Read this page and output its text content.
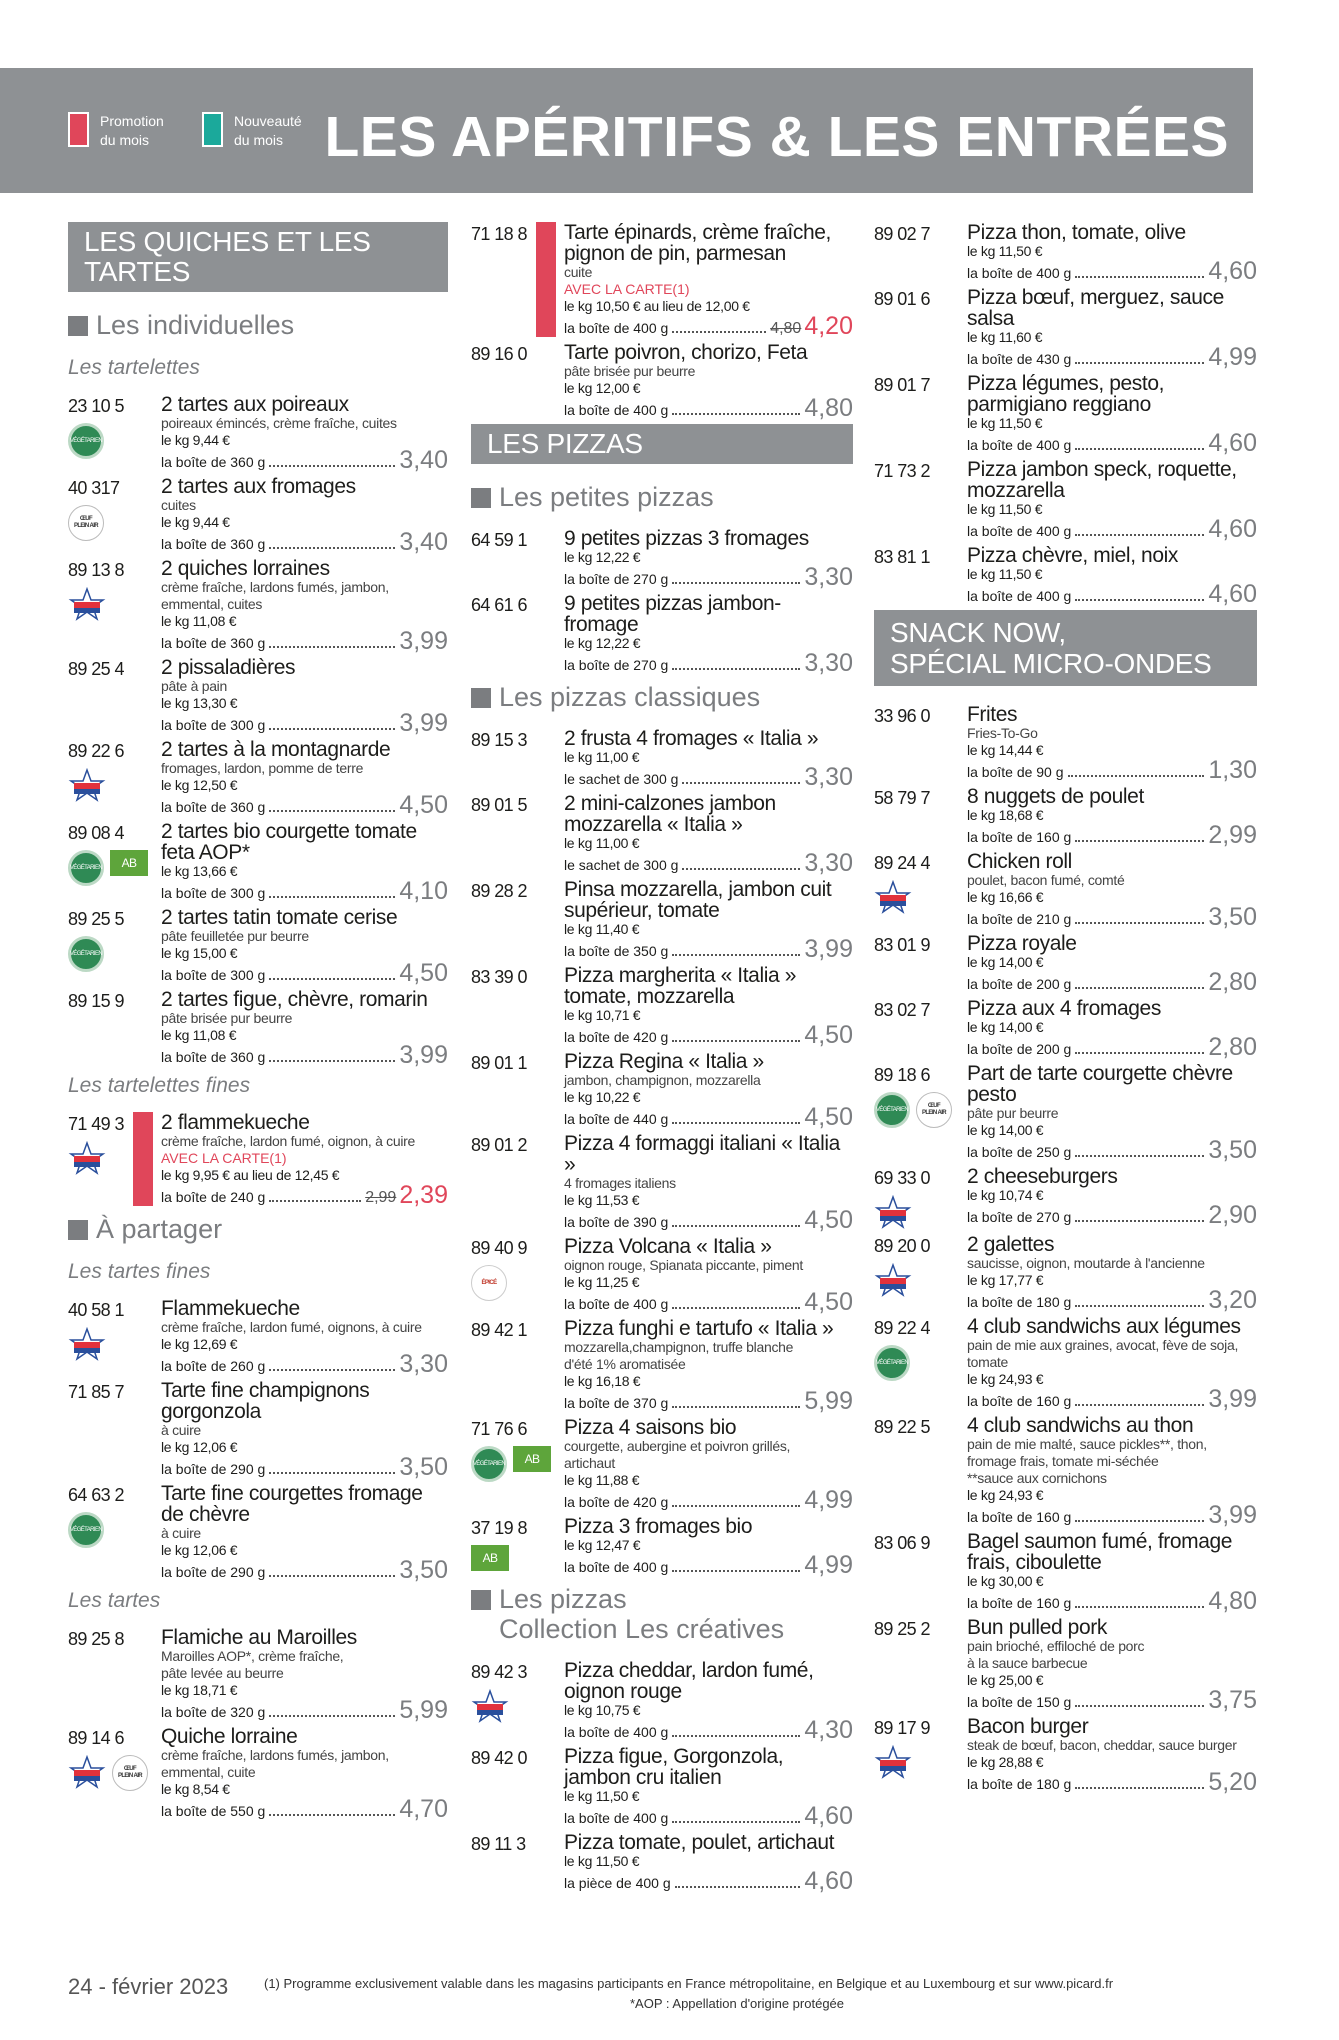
Promotion
du mois
Nouveauté
du mois LES APÉRITIFS & LES ENTRÉES
LES QUICHES ET LES TARTES
Les individuelles
Les tartelettes
23 10 5
VÉGÉTARIEN
2 tartes aux poireaux
poireaux émincés, crème fraîche, cuites
le kg 9,44 €
la boîte de 360 g	3,40
40 317
ŒUF
PLEIN AIR
2 tartes aux fromages
cuites
le kg 9,44 €
la boîte de 360 g	3,40
89 13 8	2 quiches lorraines
crème fraîche, lardons fumés, jambon,
emmental, cuites
le kg 11,08 €
la boîte de 360 g	3,99
89 25 4	2 pissaladières
pâte à pain
le kg 13,30 €
la boîte de 300 g	3,99
89 22 6	2 tartes à la montagnarde
fromages, lardon, pomme de terre
le kg 12,50 €
la boîte de 360 g	4,50
89 08 4
VÉGÉTARIEN	AB
2 tartes bio courgette tomate feta AOP*
le kg 13,66 €
la boîte de 300 g	4,10
89 25 5
VÉGÉTARIEN
2 tartes tatin tomate cerise
pâte feuilletée pur beurre
le kg 15,00 €
la boîte de 300 g	4,50
89 15 9	2 tartes figue, chèvre, romarin
pâte brisée pur beurre
le kg 11,08 €
la boîte de 360 g	3,99
Les tartelettes fines
71 49 3	2 flammekueche
crème fraîche, lardon fumé, oignon, à cuire
AVEC LA CARTE(1)
le kg 9,95 € au lieu de 12,45 €
la boîte de 240 g	2,99 2,39
À partager
Les tartes fines
40 58 1	Flammekueche
crème fraîche, lardon fumé, oignons, à cuire
le kg 12,69 €
la boîte de 260 g	3,30
71 85 7	Tarte fine champignons gorgonzola
à cuire
le kg 12,06 €
la boîte de 290 g	3,50
64 63 2
VÉGÉTARIEN
Tarte fine courgettes fromage de chèvre
à cuire
le kg 12,06 €
la boîte de 290 g	3,50
Les tartes
89 25 8	Flamiche au Maroilles
Maroilles AOP*, crème fraîche,
pâte levée au beurre
le kg 18,71 €
la boîte de 320 g	5,99
89 14 6
ŒUF
PLEIN AIR
Quiche lorraine
crème fraîche, lardons fumés, jambon,
emmental, cuite
le kg 8,54 €
la boîte de 550 g	4,70
71 18 8	Tarte épinards, crème fraîche, pignon de pin, parmesan
cuite
AVEC LA CARTE(1)
le kg 10,50 € au lieu de 12,00 €
la boîte de 400 g	4,80 4,20
89 16 0	Tarte poivron, chorizo, Feta
pâte brisée pur beurre
le kg 12,00 €
la boîte de 400 g	4,80
LES PIZZAS
Les petites pizzas
64 59 1	9 petites pizzas 3 fromages
le kg 12,22 €
la boîte de 270 g	3,30
64 61 6	9 petites pizzas jambon-fromage
le kg 12,22 €
la boîte de 270 g	3,30
Les pizzas classiques
89 15 3	2 frusta 4 fromages « Italia »
le kg 11,00 €
le sachet de 300 g	3,30
89 01 5	2 mini-calzones jambon mozzarella « Italia »
le kg 11,00 €
le sachet de 300 g	3,30
89 28 2	Pinsa mozzarella, jambon cuit supérieur, tomate
le kg 11,40 €
la boîte de 350 g	3,99
83 39 0	Pizza margherita « Italia » tomate, mozzarella
le kg 10,71 €
la boîte de 420 g	4,50
89 01 1	Pizza Regina « Italia »
jambon, champignon, mozzarella
le kg 10,22 €
la boîte de 440 g	4,50
89 01 2	Pizza 4 formaggi italiani « Italia »
4 fromages italiens
le kg 11,53 €
la boîte de 390 g	4,50
89 40 9
ÉPICÉ
Pizza Volcana « Italia »
oignon rouge, Spianata piccante, piment
le kg 11,25 €
la boîte de 400 g	4,50
89 42 1	Pizza funghi e tartufo « Italia »
mozzarella,champignon, truffe blanche
d'été 1% aromatisée
le kg 16,18 €
la boîte de 370 g	5,99
71 76 6
VÉGÉTARIEN	AB
Pizza 4 saisons bio
courgette, aubergine et poivron grillés,
artichaut
le kg 11,88 €
la boîte de 420 g	4,99
37 19 8
AB
Pizza 3 fromages bio
le kg 12,47 €
la boîte de 400 g	4,99
Les pizzas
Collection Les créatives
89 42 3	Pizza cheddar, lardon fumé, oignon rouge
le kg 10,75 €
la boîte de 400 g	4,30
89 42 0	Pizza figue, Gorgonzola, jambon cru italien
le kg 11,50 €
la boîte de 400 g	4,60
89 11 3	Pizza tomate, poulet, artichaut
le kg 11,50 €
la pièce de 400 g	4,60
89 02 7	Pizza thon, tomate, olive
le kg 11,50 €
la boîte de 400 g	4,60
89 01 6	Pizza bœuf, merguez, sauce salsa
le kg 11,60 €
la boîte de 430 g	4,99
89 01 7	Pizza légumes, pesto, parmigiano reggiano
le kg 11,50 €
la boîte de 400 g	4,60
71 73 2	Pizza jambon speck, roquette, mozzarella
le kg 11,50 €
la boîte de 400 g	4,60
83 81 1	Pizza chèvre, miel, noix
le kg 11,50 €
la boîte de 400 g	4,60
SNACK NOW,
SPÉCIAL MICRO-ONDES
33 96 0	Frites
Fries-To-Go
le kg 14,44 €
la boîte de 90 g	1,30
58 79 7	8 nuggets de poulet
le kg 18,68 €
la boîte de 160 g	2,99
89 24 4	Chicken roll
poulet, bacon fumé, comté
le kg 16,66 €
la boîte de 210 g	3,50
83 01 9	Pizza royale
le kg 14,00 €
la boîte de 200 g	2,80
83 02 7	Pizza aux 4 fromages
le kg 14,00 €
la boîte de 200 g	2,80
89 18 6
VÉGÉTARIEN
ŒUF
PLEIN AIR
Part de tarte courgette chèvre pesto
pâte pur beurre
le kg 14,00 €
la boîte de 250 g	3,50
69 33 0	2 cheeseburgers
le kg 10,74 €
la boîte de 270 g	2,90
89 20 0	2 galettes
saucisse, oignon, moutarde à l'ancienne
le kg 17,77 €
la boîte de 180 g	3,20
89 22 4
VÉGÉTARIEN
4 club sandwichs aux légumes
pain de mie aux graines, avocat, fève de soja,
tomate
le kg 24,93 €
la boîte de 160 g	3,99
89 22 5	4 club sandwichs au thon
pain de mie malté, sauce pickles**, thon,
fromage frais, tomate mi-séchée
**sauce aux cornichons
le kg 24,93 €
la boîte de 160 g	3,99
83 06 9	Bagel saumon fumé, fromage frais, ciboulette
le kg 30,00 €
la boîte de 160 g	4,80
89 25 2	Bun pulled pork
pain brioché, effiloché de porc
à la sauce barbecue
le kg 25,00 €
la boîte de 150 g	3,75
89 17 9	Bacon burger
steak de bœuf, bacon, cheddar, sauce burger
le kg 28,88 €
la boîte de 180 g	5,20
24 - février 2023	(1) Programme exclusivement valable dans les magasins participants en France métropolitaine, en Belgique et au Luxembourg et sur www.picard.fr
*AOP : Appellation d'origine protégée
